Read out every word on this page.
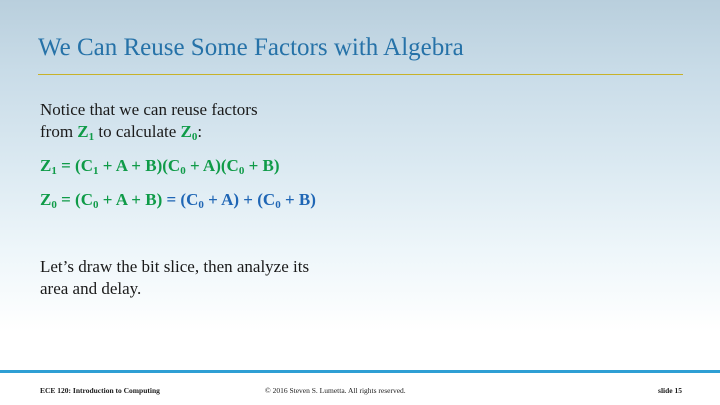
We Can Reuse Some Factors with Algebra
Notice that we can reuse factors
from $Z_1$ to calculate $Z_0$:
$Z_1 = (C_1 + A + B)(C_0 + A)(C_0 + B)$
$Z_0 = (C_0 + A + B) = (C_0 + A) + (C_0 + B)$
Let’s draw the bit slice, then analyze its
area and delay.
ECE 120: Introduction to Computing	© 2016 Steven S. Lumetta. All rights reserved.	slide 15
